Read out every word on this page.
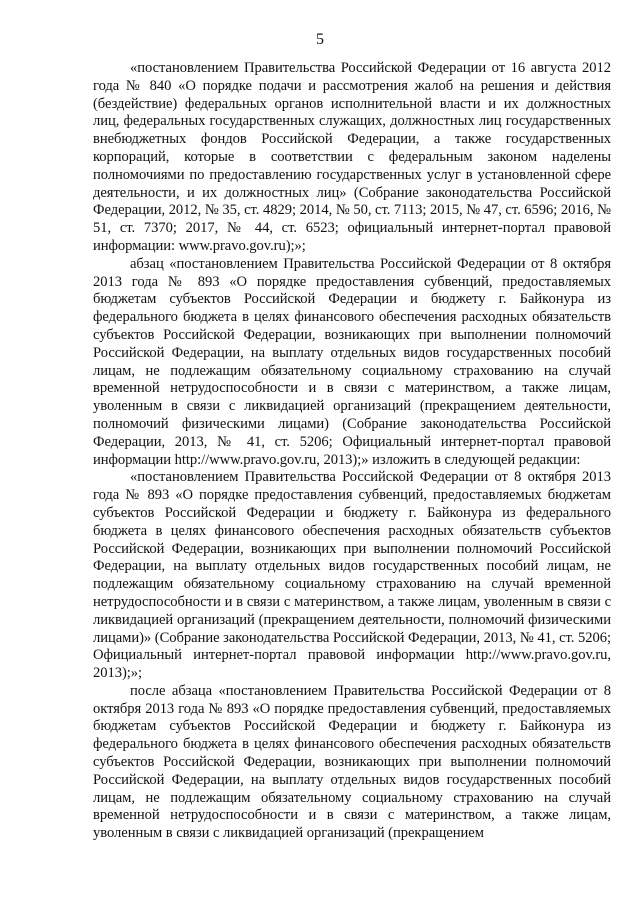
5

«постановлением Правительства Российской Федерации от 16 августа 2012 года № 840 «О порядке подачи и рассмотрения жалоб на решения и действия (бездействие) федеральных органов исполнительной власти и их должностных лиц, федеральных государственных служащих, должностных лиц государственных внебюджетных фондов Российской Федерации, а также государственных корпораций, которые в соответствии с федеральным законом наделены полномочиями по предоставлению государственных услуг в установленной сфере деятельности, и их должностных лиц» (Собрание законодательства Российской Федерации, 2012, № 35, ст. 4829; 2014, № 50, ст. 7113; 2015, № 47, ст. 6596; 2016, № 51, ст. 7370; 2017, № 44, ст. 6523; официальный интернет-портал правовой информации: www.pravo.gov.ru);»;

абзац «постановлением Правительства Российской Федерации от 8 октября 2013 года № 893 «О порядке предоставления субвенций, предоставляемых бюджетам субъектов Российской Федерации и бюджету г. Байконура из федерального бюджета в целях финансового обеспечения расходных обязательств субъектов Российской Федерации, возникающих при выполнении полномочий Российской Федерации, на выплату отдельных видов государственных пособий лицам, не подлежащим обязательному социальному страхованию на случай временной нетрудоспособности и в связи с материнством, а также лицам, уволенным в связи с ликвидацией организаций (прекращением деятельности, полномочий физическими лицами) (Собрание законодательства Российской Федерации, 2013, № 41, ст. 5206; Официальный интернет-портал правовой информации http://www.pravo.gov.ru, 2013);» изложить в следующей редакции:

«постановлением Правительства Российской Федерации от 8 октября 2013 года № 893 «О порядке предоставления субвенций, предоставляемых бюджетам субъектов Российской Федерации и бюджету г. Байконура из федерального бюджета в целях финансового обеспечения расходных обязательств субъектов Российской Федерации, возникающих при выполнении полномочий Российской Федерации, на выплату отдельных видов государственных пособий лицам, не подлежащим обязательному социальному страхованию на случай временной нетрудоспособности и в связи с материнством, а также лицам, уволенным в связи с ликвидацией организаций (прекращением деятельности, полномочий физическими лицами)» (Собрание законодательства Российской Федерации, 2013, № 41, ст. 5206; Официальный интернет-портал правовой информации http://www.pravo.gov.ru, 2013);»;

после абзаца «постановлением Правительства Российской Федерации от 8 октября 2013 года № 893 «О порядке предоставления субвенций, предоставляемых бюджетам субъектов Российской Федерации и бюджету г. Байконура из федерального бюджета в целях финансового обеспечения расходных обязательств субъектов Российской Федерации, возникающих при выполнении полномочий Российской Федерации, на выплату отдельных видов государственных пособий лицам, не подлежащим обязательному социальному страхованию на случай временной нетрудоспособности и в связи с материнством, а также лицам, уволенным в связи с ликвидацией организаций (прекращением
